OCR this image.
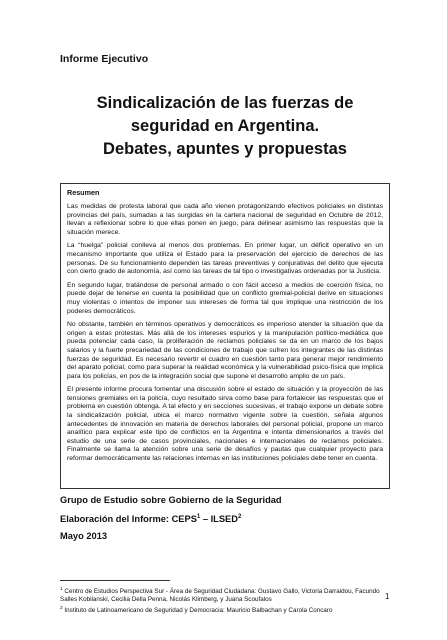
Informe Ejecutivo
Sindicalización de las fuerzas de
seguridad en Argentina.
Debates, apuntes y propuestas
Resumen

Las medidas de protesta laboral que cada año vienen protagonizando efectivos policiales en distintas provincias del país, sumadas a las surgidas en la cartera nacional de seguridad en Octubre de 2012, llevan a reflexionar sobre lo que ellas ponen en juego, para delinear asimismo las respuestas que la situación merece.

La “huelga” policial conlleva al menos dos problemas. En primer lugar, un déficit operativo en un mecanismo importante que utiliza el Estado para la preservación del ejercicio de derechos de las personas. De su funcionamiento dependen las tareas preventivas y conjurativas del delito que ejecuta con cierto grado de autonomía, así como las tareas de tal tipo o investigativas ordenadas por la Justicia.

En segundo lugar, tratándose de personal armado o con fácil acceso a medios de coerción física, no puede dejar de tenerse en cuenta la posibilidad que un conflicto gremial-policial derive en situaciones muy violentas o intentos de imponer sus intereses de forma tal que implique una restricción de los poderes democráticos.

No obstante, también en términos operativos y democráticos es imperioso atender la situación que da origen a estas protestas. Más allá de los intereses espurios y la manipulación político-mediática que pueda potenciar cada caso, la proliferación de reclamos policiales se da en un marco de los bajos salarios y la fuerte precariedad de las condiciones de trabajo que sufren los integrantes de las distintas fuerzas de seguridad. Es necesario revertir el cuadro en cuestión tanto para generar mejor rendimiento del aparato policial, como para superar la realidad económica y la vulnerabilidad psico-física que implica para los policías, en pos de la integración social que supone el desarrollo amplio de un país.

El presente informe procura fomentar una discusión sobre el estado de situación y la proyección de las tensiones gremiales en la policía, cuyo resultado sirva como base para fortalecer las respuestas que el problema en cuestión obtenga. A tal efecto y en secciones sucesivas, el trabajo expone un debate sobre la sindicalización policial, ubica el marco normativo vigente sobre la cuestión, señala algunos antecedentes de innovación en materia de derechos laborales del personal policial, propone un marco analítico para explicar este tipo de conflictos en la Argentina e intenta dimensionarlos a través del estudio de una serie de casos provinciales, nacionales e internacionales de reclamos policiales. Finalmente se llama la atención sobre una serie de desafíos y pautas que cualquier proyecto para reformar democráticamente las relaciones internas en las instituciones policiales debe tener en cuenta.

Grupo de Estudio sobre Gobierno de la Seguridad
Elaboración del Informe: CEPS$^1$ – ILSED$^2$
Mayo 2013
$^1$ Centro de Estudios Perspectiva Sur - Área de Seguridad Ciudadana: Gustavo Gallo, Victoria Darraidou, Facundo Salles Kobilanski, Cecilia Della Penna, Nicolás Klimberg, y Juana Scoufalos
$^2$ Instituto de Latinoamericano de Seguridad y Democracia: Mauricio Balbachan y Carola Concaro
1
